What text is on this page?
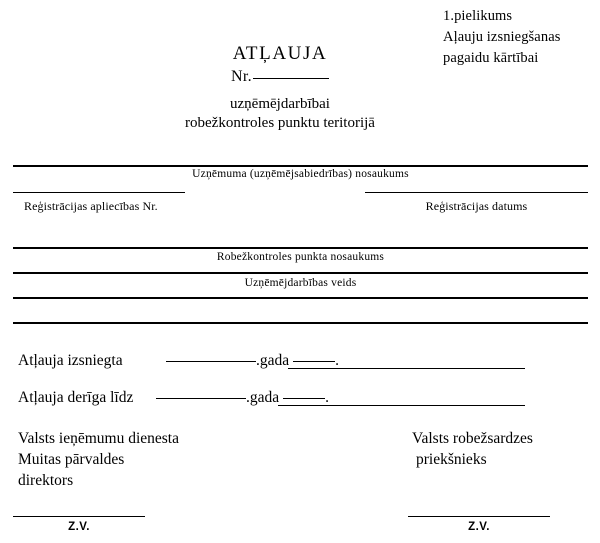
1.pielikums
Aļauju izsniegšanas
pagaidu kārtībai
ATĻAUJA
Nr.
uzņēmējdarbībai
robežkontroles punktu teritorijā
Uzņēmuma (uzņēmējsabiedrības) nosaukums
Reģistrācijas apliecības Nr.	Reģistrācijas datums
Robežkontroles punkta nosaukums
Uzņēmējdarbības veids
Atļauja izsniegta	.gada	.
Atļauja derīga līdz	.gada	.
Valsts ieņēmumu dienesta
Muitas pārvaldes
direktors
Valsts robežsardzes
priekšnieks
Z.V.	Z.V.
